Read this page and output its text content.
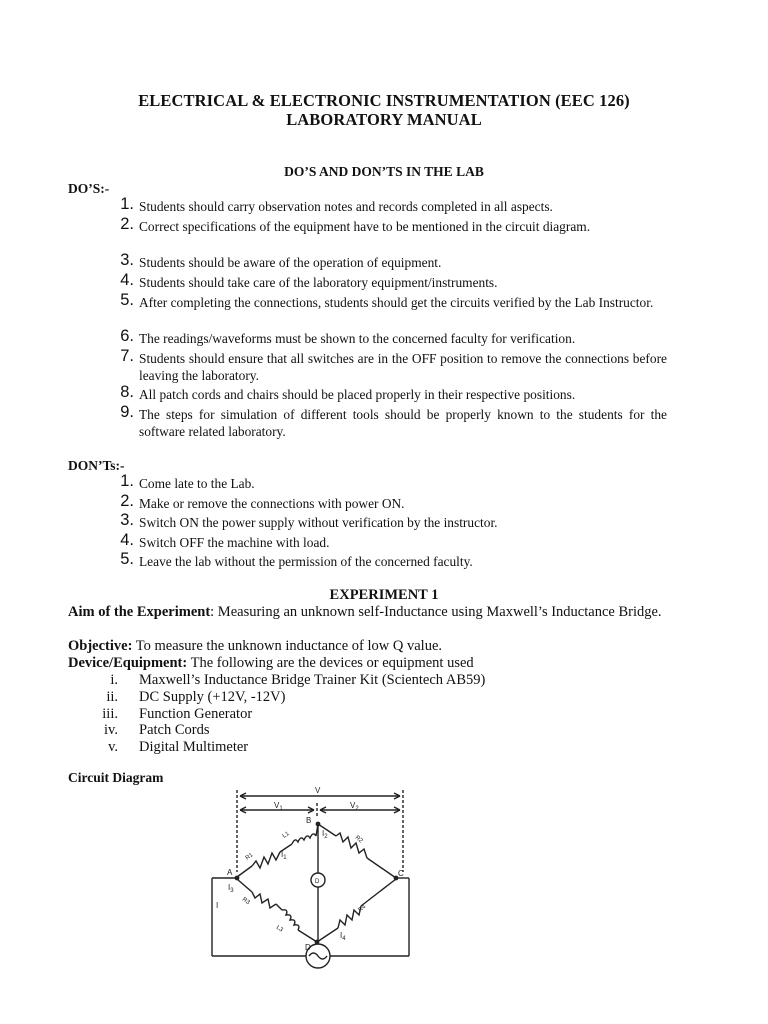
ELECTRICAL & ELECTRONIC INSTRUMENTATION (EEC 126)
LABORATORY MANUAL
DO’S AND DON’TS IN THE LAB
DO’S:-
1. Students should carry observation notes and records completed in all aspects.
2. Correct specifications of the equipment have to be mentioned in the circuit diagram.
3. Students should be aware of the operation of equipment.
4. Students should take care of the laboratory equipment/instruments.
5. After completing the connections, students should get the circuits verified by the Lab Instructor.
6. The readings/waveforms must be shown to the concerned faculty for verification.
7. Students should ensure that all switches are in the OFF position to remove the connections before leaving the laboratory.
8. All patch cords and chairs should be placed properly in their respective positions.
9. The steps for simulation of different tools should be properly known to the students for the software related laboratory.
DON’Ts:-
1. Come late to the Lab.
2. Make or remove the connections with power ON.
3. Switch ON the power supply without verification by the instructor.
4. Switch OFF the machine with load.
5. Leave the lab without the permission of the concerned faculty.
EXPERIMENT 1
Aim of the Experiment: Measuring an unknown self-Inductance using Maxwell’s Inductance Bridge.
Objective: To measure the unknown inductance of low Q value.
Device/Equipment: The following are the devices or equipment used
i. Maxwell’s Inductance Bridge Trainer Kit (Scientech AB59)
ii. DC Supply (+12V, -12V)
iii. Function Generator
iv. Patch Cords
v. Digital Multimeter
Circuit Diagram
V
$V_1$	$V_2$
B
A	C
D
D
$I_1$
$I_2$
$I_3$
$I_4$
I
L1
R1
R2
R3
L3
R4
